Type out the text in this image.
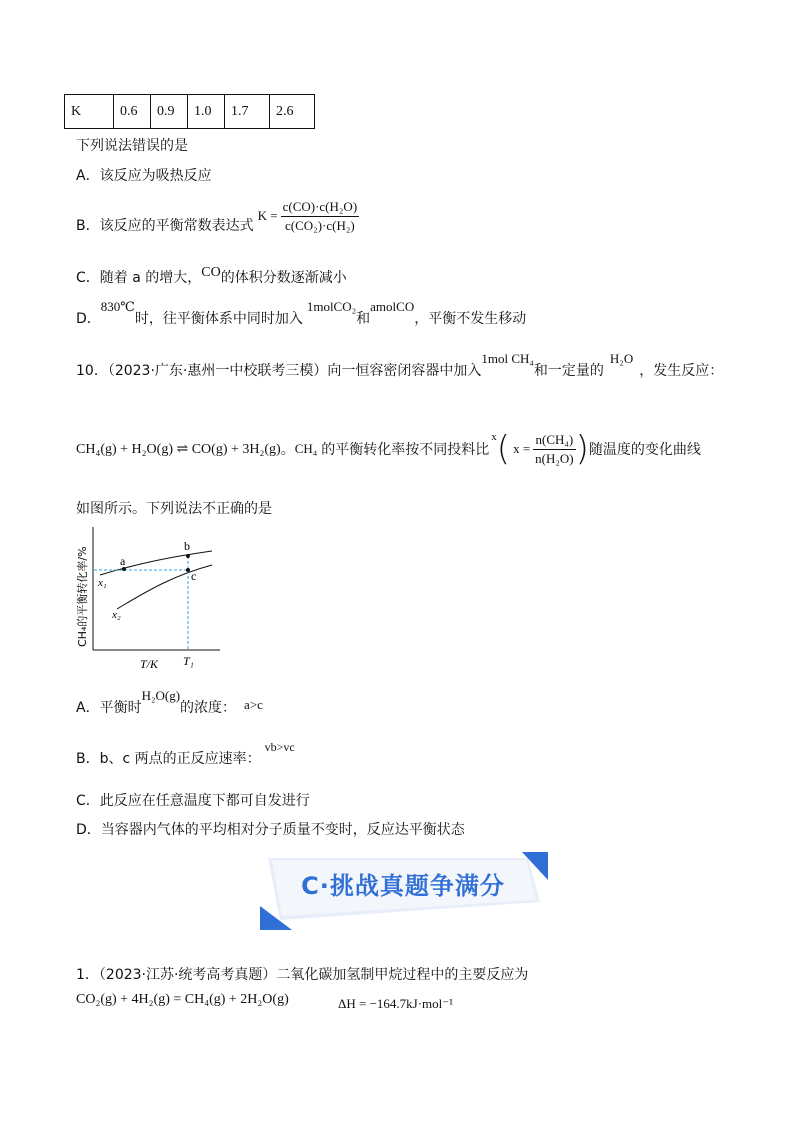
K	0.6	0.9	1.0	1.7	2.6
下列说法错误的是
A．该反应为吸热反应
B．该反应的平衡常数表达式
$K = \frac{\text{c(CO)·c(H₂O)}}{\text{c(CO₂)·c(H₂)}}$
C．随着 a 的增大，CO的体积分数逐渐减小
D．830℃时，往平衡体系中同时加入1molCO₂和amolCO，平衡不发生移动
10．（2023·广东·惠州一中校联考三模）向一恒容密闭容器中加入1mol CH₄和一定量的H₂O，发生反应：
CH₄(g) + H₂O(g) ⇌ CO(g) + 3H₂(g) 。 CH₄ 的平衡转化率按不同投料比
x ( $x = \frac{\text{n(CH₄)}}{\text{n(H₂O)}}$ ) 随温度的变化曲线
如图所示。下列说法不正确的是
a
b
c
x₁
x₂
T/K T₁
CH₄的平衡转化率/%
A．平衡时H₂O(g)的浓度： a>c
B．b、c 两点的正反应速率：vb>vc
C．此反应在任意温度下都可自发进行
D．当容器内气体的平均相对分子质量不变时，反应达平衡状态
C·挑战真题争满分
1．（2023·江苏·统考高考真题）二氧化碳加氢制甲烷过程中的主要反应为
CO₂(g) + 4H₂(g) = CH₄(g) + 2H₂O(g)	ΔH = −164.7kJ·mol⁻¹
